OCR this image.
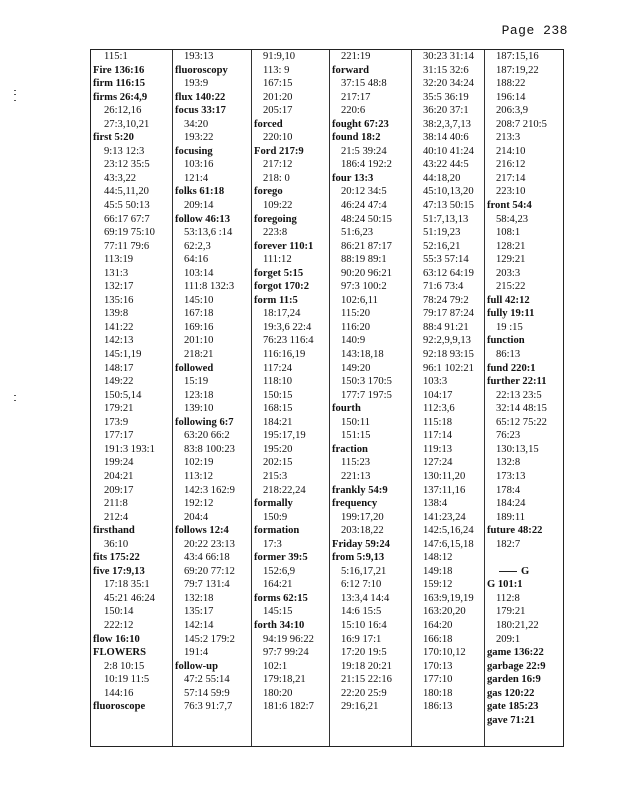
Page 238
115:1
Fire 136:16
firm 116:15
firms 26:4,9
26:12,16
27:3,10,21
first 5:20
9:13 12:3
23:12 35:5
43:3,22
44:5,11,20
45:5 50:13
66:17 67:7
69:19 75:10
77:11 79:6
113:19
131:3
132:17
135:16
139:8
141:22
142:13
145:1,19
148:17
149:22
150:5,14
179:21
173:9
177:17
191:3 193:1
199:24
204:21
209:17
211:8
212:4
firsthand
36:10
fits 175:22
five 17:9,13
17:18 35:1
45:21 46:24
150:14
222:12
flow 16:10
FLOWERS
2:8 10:15
10:19 11:5
144:16
fluoroscope
193:13
fluoroscopy
193:9
flux 140:22
focus 33:17
34:20
193:22
focusing
103:16
121:4
folks 61:18
209:14
follow 46:13
53:13,6 :14
62:2,3
64:16
103:14
111:8 132:3
145:10
167:18
169:16
201:10
218:21
followed
15:19
123:18
139:10
following 6:7
63:20 66:2
83:8 100:23
102:19
113:12
142:3 162:9
192:12
204:4
follows 12:4
20:22 23:13
43:4 66:18
69:20 77:12
79:7 131:4
132:18
135:17
142:14
145:2 179:2
191:4
follow-up
47:2 55:14
57:14 59:9
76:3 91:7,7
91:9,10
113: 9
167:15
201:20
205:17
forced
220:10
Ford 217:9
217:12
218: 0
forego
109:22
foregoing
223:8
forever 110:1
111:12
forget 5:15
forgot 170:2
form 11:5
18:17,24
19:3,6 22:4
76:23 116:4
116:16,19
117:24
118:10
150:15
168:15
184:21
195:17,19
195:20
202:15
215:3
218:22,24
formally
150:9
formation
17:3
former 39:5
152:6,9
164:21
forms 62:15
145:15
forth 34:10
94:19 96:22
97:7 99:24
102:1
179:18,21
180:20
181:6 182:7
221:19
forward
37:15 48:8
217:17
220:6
fought 67:23
found 18:2
21:5 39:24
186:4 192:2
four 13:3
20:12 34:5
46:24 47:4
48:24 50:15
51:6,23
86:21 87:17
88:19 89:1
90:20 96:21
97:3 100:2
102:6,11
115:20
116:20
140:9
143:18,18
149:20
150:3 170:5
177:7 197:5
fourth
150:11
151:15
fraction
115:23
221:13
frankly 54:9
frequency
199:17,20
203:18,22
Friday 59:24
from 5:9,13
5:16,17,21
6:12 7:10
13:3,4 14:4
14:6 15:5
15:10 16:4
16:9 17:1
17:20 19:5
19:18 20:21
21:15 22:16
22:20 25:9
29:16,21
30:23 31:14
31:15 32:6
32:20 34:24
35:5 36:19
36:20 37:1
38:2,3,7,13
38:14 40:6
40:10 41:24
43:22 44:5
44:18,20
45:10,13,20
47:13 50:15
51:7,13,13
51:19,23
52:16,21
55:3 57:14
63:12 64:19
71:6 73:4
78:24 79:2
79:17 87:24
88:4 91:21
92:2,9,9,13
92:18 93:15
96:1 102:21
103:3
104:17
112:3,6
115:18
117:14
119:13
127:24
130:11,20
137:11,16
138:4
141:23,24
142:5,16,24
147:6,15,18
148:12
149:18
159:12
163:9,19,19
163:20,20
164:20
166:18
170:10,12
170:13
177:10
180:18
186:13
187:15,16
187:19,22
188:22
196:14
206:3,9
208:7 210:5
213:3
214:10
216:12
217:14
223:10
front 54:4
58:4,23
108:1
128:21
129:21
203:3
215:22
full 42:12
fully 19:11
19 :15
function
86:13
fund 220:1
further 22:11
22:13 23:5
32:14 48:15
65:12 75:22
76:23
130:13,15
132:8
173:13
178:4
184:24
189:11
future 48:22
182:7
G
G 101:1
112:8
179:21
180:21,22
209:1
game 136:22
garbage 22:9
garden 16:9
gas 120:22
gate 185:23
gave 71:21
